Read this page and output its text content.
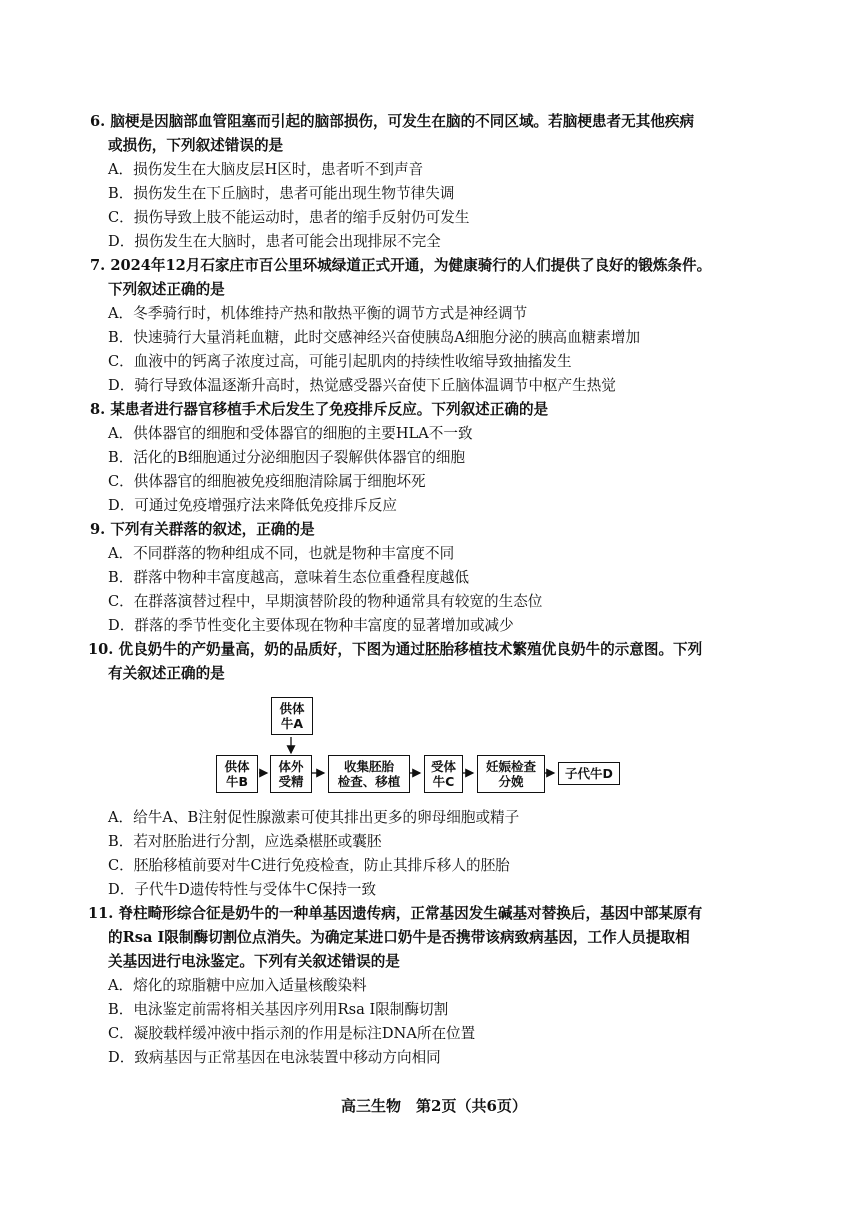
6. 脑梗是因脑部血管阻塞而引起的脑部损伤，可发生在脑的不同区域。若脑梗患者无其他疾病
或损伤，下列叙述错误的是
A．损伤发生在大脑皮层H区时，患者听不到声音
B．损伤发生在下丘脑时，患者可能出现生物节律失调
C．损伤导致上肢不能运动时，患者的缩手反射仍可发生
D．损伤发生在大脑时，患者可能会出现排尿不完全
7. 2024年12月石家庄市百公里环城绿道正式开通，为健康骑行的人们提供了良好的锻炼条件。
下列叙述正确的是
A．冬季骑行时，机体维持产热和散热平衡的调节方式是神经调节
B．快速骑行大量消耗血糖，此时交感神经兴奋使胰岛A细胞分泌的胰高血糖素增加
C．血液中的钙离子浓度过高，可能引起肌肉的持续性收缩导致抽搐发生
D．骑行导致体温逐渐升高时，热觉感受器兴奋使下丘脑体温调节中枢产生热觉
8. 某患者进行器官移植手术后发生了免疫排斥反应。下列叙述正确的是
A．供体器官的细胞和受体器官的细胞的主要HLA不一致
B．活化的B细胞通过分泌细胞因子裂解供体器官的细胞
C．供体器官的细胞被免疫细胞清除属于细胞坏死
D．可通过免疫增强疗法来降低免疫排斥反应
9. 下列有关群落的叙述，正确的是
A．不同群落的物种组成不同，也就是物种丰富度不同
B．群落中物种丰富度越高，意味着生态位重叠程度越低
C．在群落演替过程中，早期演替阶段的物种通常具有较宽的生态位
D．群落的季节性变化主要体现在物种丰富度的显著增加或减少
10. 优良奶牛的产奶量高，奶的品质好，下图为通过胚胎移植技术繁殖优良奶牛的示意图。下列
有关叙述正确的是
供体
牛A
供体
牛B
体外
受精
收集胚胎
检查、移植
受体
牛C
妊娠检查
分娩
子代牛D
A．给牛A、B注射促性腺激素可使其排出更多的卵母细胞或精子
B．若对胚胎进行分割，应选桑椹胚或囊胚
C．胚胎移植前要对牛C进行免疫检查，防止其排斥移人的胚胎
D．子代牛D遗传特性与受体牛C保持一致
11. 脊柱畸形综合征是奶牛的一种单基因遗传病，正常基因发生碱基对替换后，基因中部某原有
的Rsa Ⅰ限制酶切割位点消失。为确定某进口奶牛是否携带该病致病基因，工作人员提取相
关基因进行电泳鉴定。下列有关叙述错误的是
A．熔化的琼脂糖中应加入适量核酸染料
B．电泳鉴定前需将相关基因序列用Rsa Ⅰ限制酶切割
C．凝胶载样缓冲液中指示剂的作用是标注DNA所在位置
D．致病基因与正常基因在电泳装置中移动方向相同
高三生物　第2页（共6页）
